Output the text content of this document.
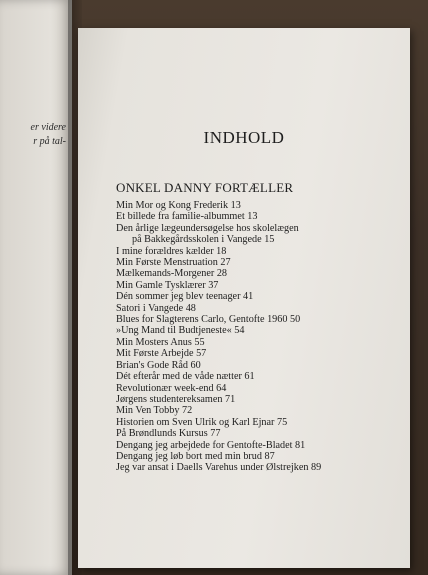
er videre
r på tal-	INDHOLD
ONKEL DANNY FORTÆLLER
Min Mor og Kong Frederik 13
Et billede fra familie-albummet 13
Den årlige lægeundersøgelse hos skolelægen
på Bakkegårdsskolen i Vangede 15
I mine forældres kælder 18
Min Første Menstruation 27
Mælkemands-Morgener 28
Min Gamle Tysklærer 37
Dén sommer jeg blev teenager 41
Satori i Vangede 48
Blues for Slagterens Carlo, Gentofte 1960 50
»Ung Mand til Budtjeneste« 54
Min Mosters Anus 55
Mit Første Arbejde 57
Brian's Gode Råd 60
Dét efterår med de våde nætter 61
Revolutionær week-end 64
Jørgens studentereksamen 71
Min Ven Tobby 72
Historien om Sven Ulrik og Karl Ejnar 75
På Brøndlunds Kursus 77
Dengang jeg arbejdede for Gentofte-Bladet 81
Dengang jeg løb bort med min brud 87
Jeg var ansat i Daells Varehus under Ølstrejken 89
